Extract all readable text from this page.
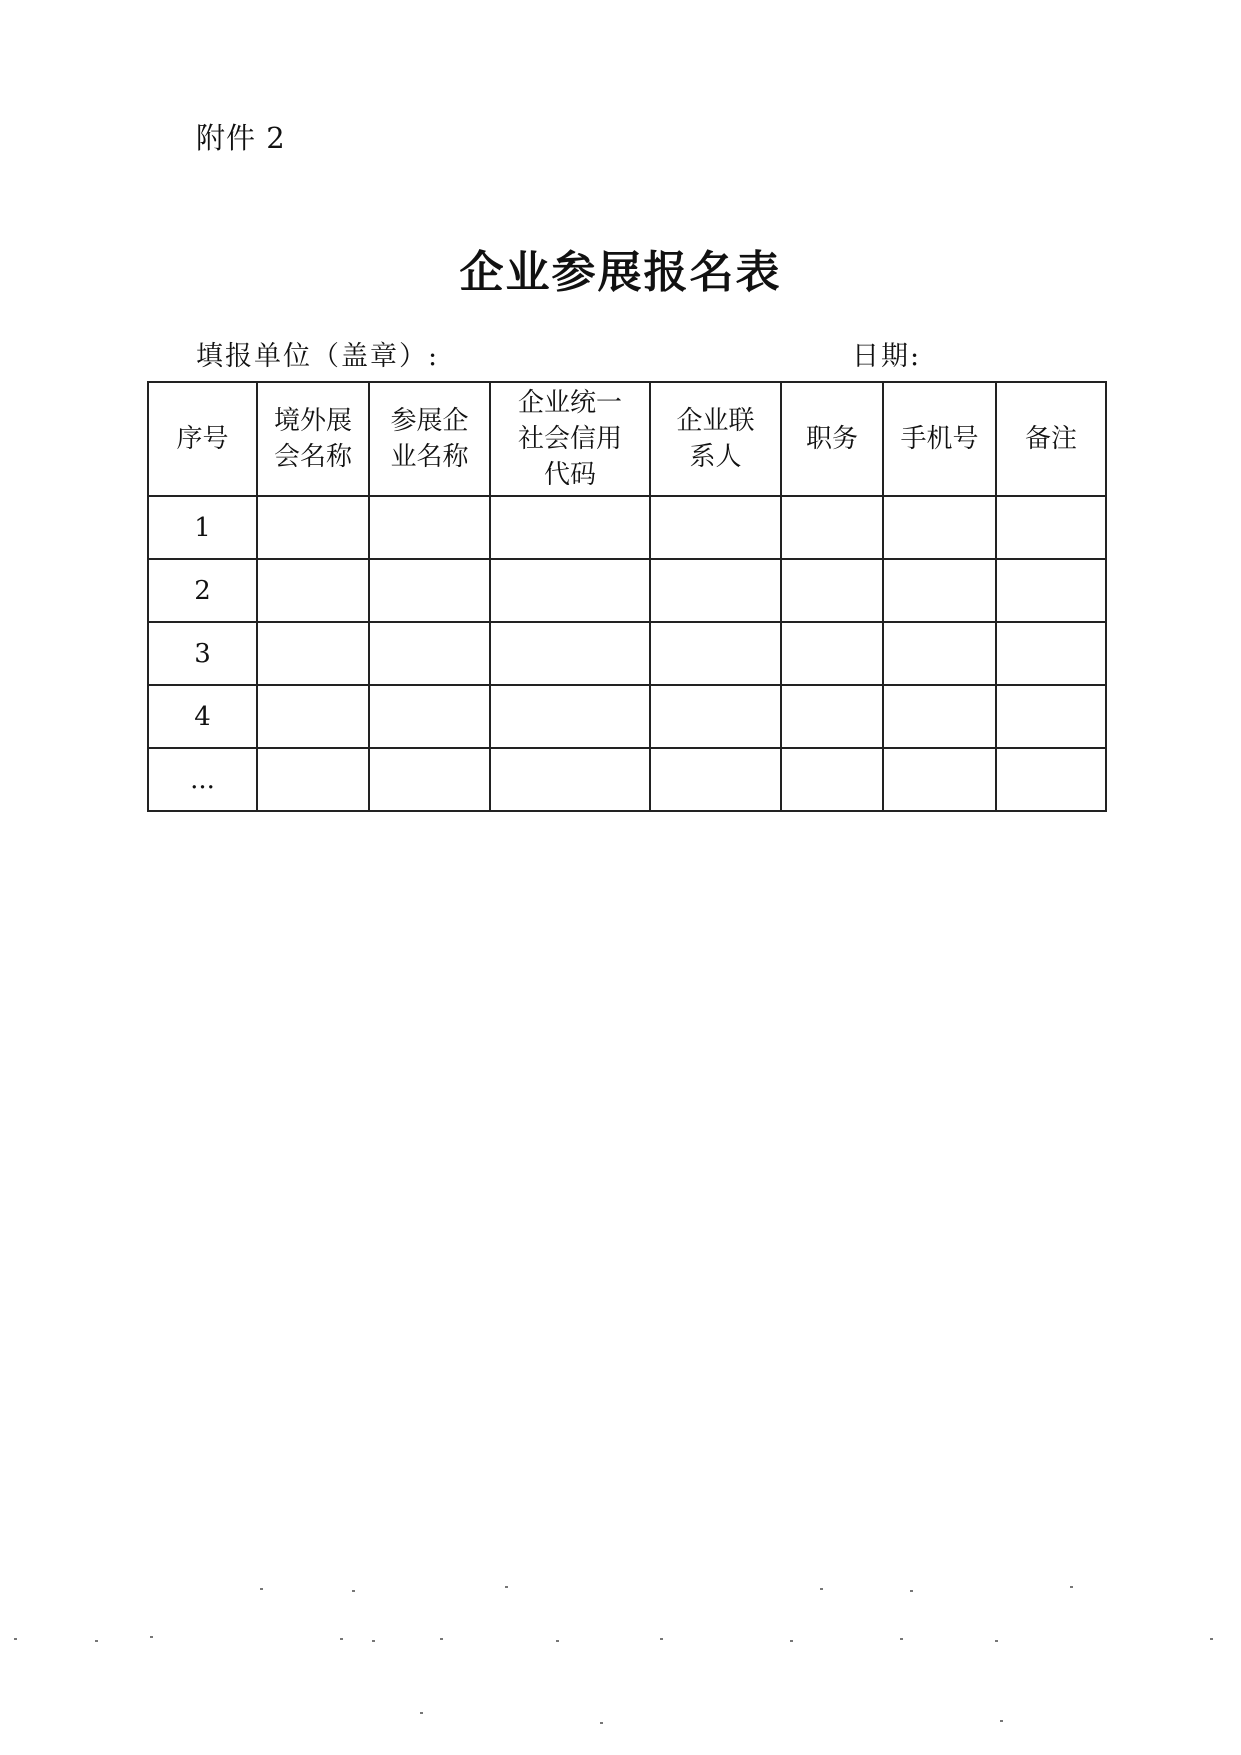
附件 2
企业参展报名表
填报单位（盖章）:	日期:
序号	境外展会名称	参展企业名称	企业统一社会信用代码	企业联系人	职务	手机号	备注
1							
2							
3							
4							
...							
